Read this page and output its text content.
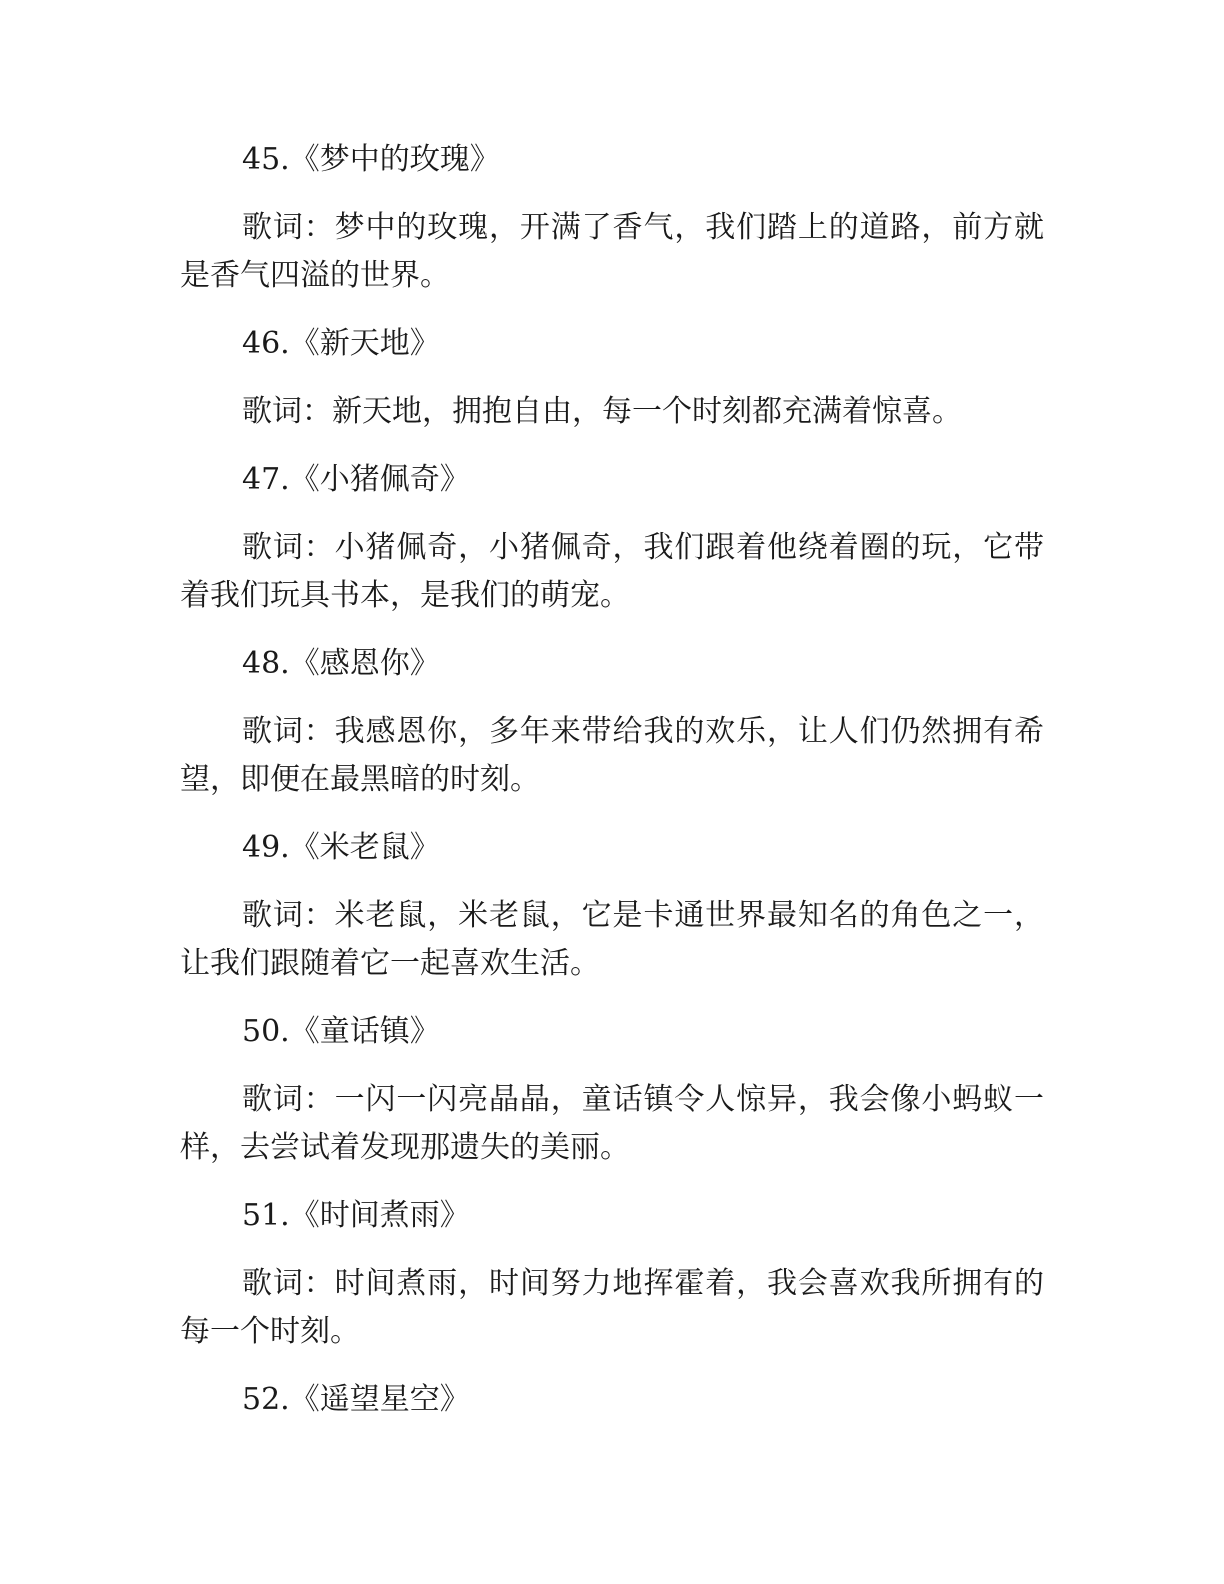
45.《梦中的玫瑰》

歌词：梦中的玫瑰，开满了香气，我们踏上的道路，前方就是香气四溢的世界。

46.《新天地》

歌词：新天地，拥抱自由，每一个时刻都充满着惊喜。

47.《小猪佩奇》

歌词：小猪佩奇，小猪佩奇，我们跟着他绕着圈的玩，它带着我们玩具书本，是我们的萌宠。

48.《感恩你》

歌词：我感恩你，多年来带给我的欢乐，让人们仍然拥有希望，即便在最黑暗的时刻。

49.《米老鼠》

歌词：米老鼠，米老鼠，它是卡通世界最知名的角色之一，让我们跟随着它一起喜欢生活。

50.《童话镇》

歌词：一闪一闪亮晶晶，童话镇令人惊异，我会像小蚂蚁一样，去尝试着发现那遗失的美丽。

51.《时间煮雨》

歌词：时间煮雨，时间努力地挥霍着，我会喜欢我所拥有的每一个时刻。

52.《遥望星空》
